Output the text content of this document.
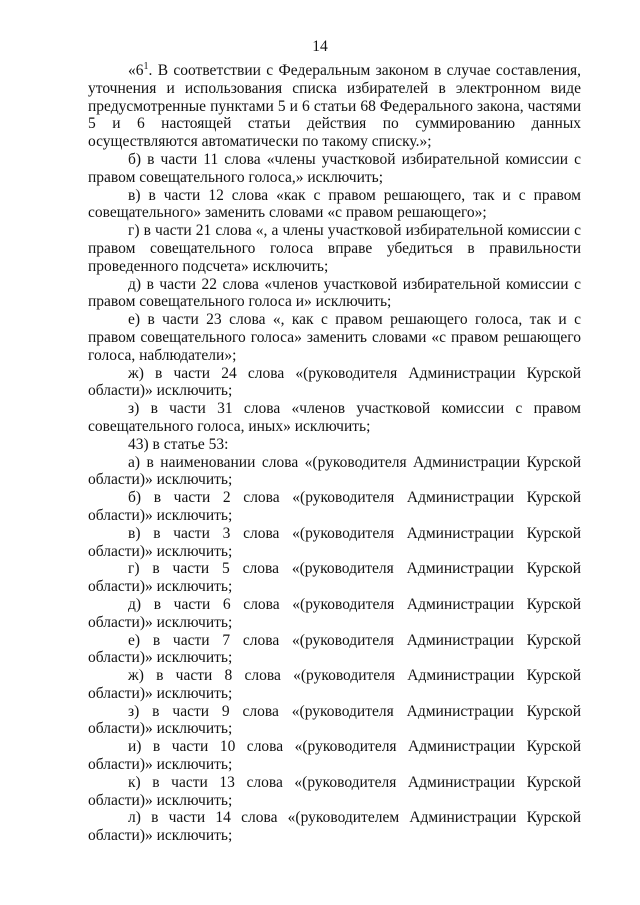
14

«$6^1$. В соответствии с Федеральным законом в случае составления, уточнения и использования списка избирателей в электронном виде предусмотренные пунктами 5 и 6 статьи 68 Федерального закона, частями 5 и 6 настоящей статьи действия по суммированию данных осуществляются автоматически по такому списку.»;

б) в части 11 слова «члены участковой избирательной комиссии с правом совещательного голоса,» исключить;

в) в части 12 слова «как с правом решающего, так и с правом совещательного» заменить словами «с правом решающего»;

г) в части 21 слова «, а члены участковой избирательной комиссии с правом совещательного голоса вправе убедиться в правильности проведенного подсчета» исключить;

д) в части 22 слова «членов участковой избирательной комиссии с правом совещательного голоса и» исключить;

е) в части 23 слова «, как с правом решающего голоса, так и с правом совещательного голоса» заменить словами «с правом решающего голоса, наблюдатели»;

ж) в части 24 слова «(руководителя Администрации Курской области)» исключить;

з) в части 31 слова «членов участковой комиссии с правом совещательного голоса, иных» исключить;

43) в статье 53:

а) в наименовании слова «(руководителя Администрации Курской области)» исключить;

б) в части 2 слова «(руководителя Администрации Курской области)» исключить;

в) в части 3 слова «(руководителя Администрации Курской области)» исключить;

г) в части 5 слова «(руководителя Администрации Курской области)» исключить;

д) в части 6 слова «(руководителя Администрации Курской области)» исключить;

е) в части 7 слова «(руководителя Администрации Курской области)» исключить;

ж) в части 8 слова «(руководителя Администрации Курской области)» исключить;

з) в части 9 слова «(руководителя Администрации Курской области)» исключить;

и) в части 10 слова «(руководителя Администрации Курской области)» исключить;

к) в части 13 слова «(руководителя Администрации Курской области)» исключить;

л) в части 14 слова «(руководителем Администрации Курской области)» исключить;
